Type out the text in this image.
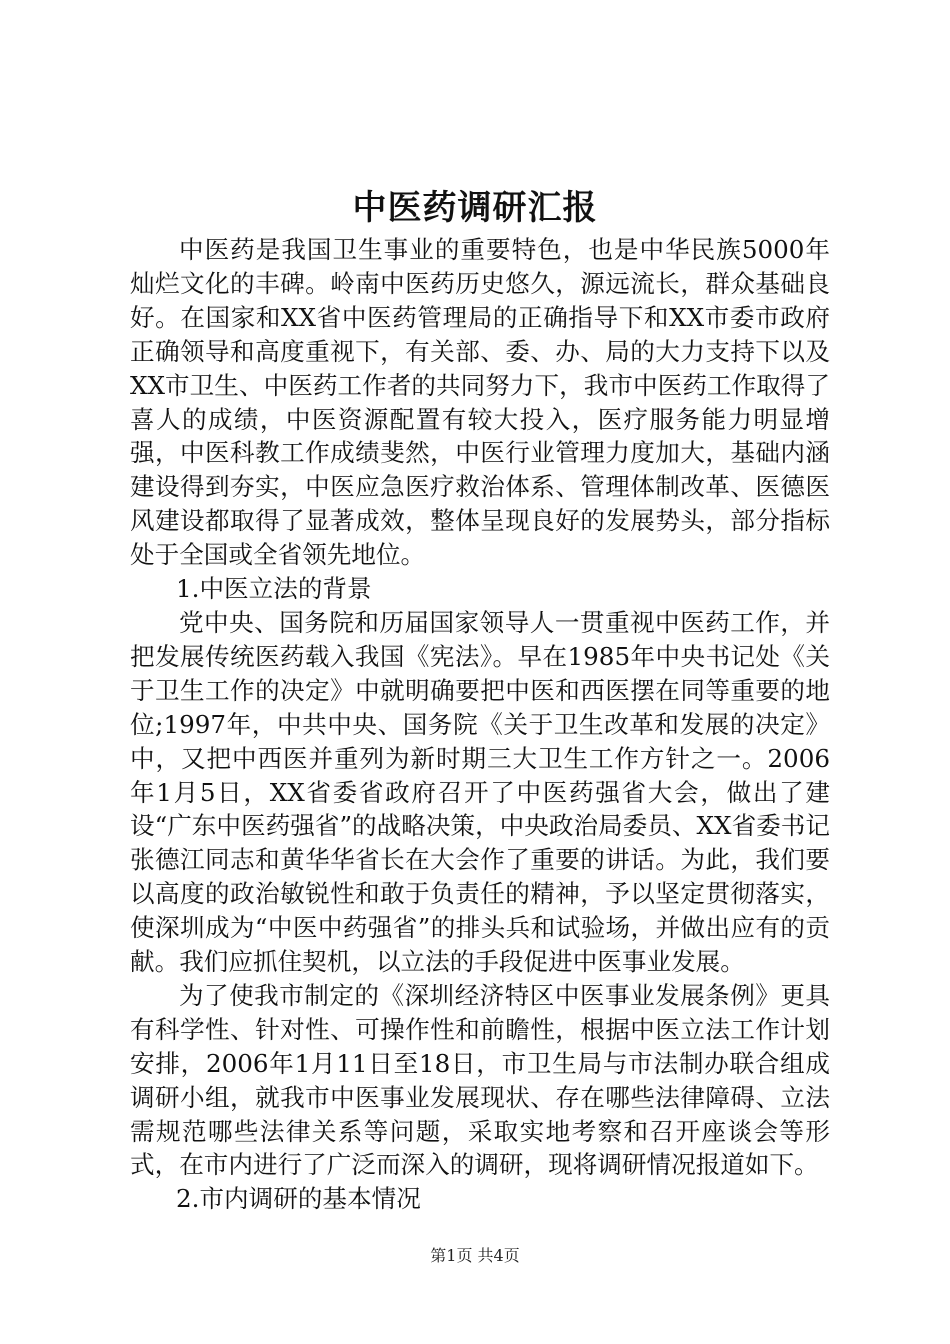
中医药调研汇报

中医药是我国卫生事业的重要特色，也是中华民族5000年灿烂文化的丰碑。岭南中医药历史悠久，源远流长，群众基础良好。在国家和XX省中医药管理局的正确指导下和XX市委市政府正确领导和高度重视下，有关部、委、办、局的大力支持下以及XX市卫生、中医药工作者的共同努力下，我市中医药工作取得了喜人的成绩，中医资源配置有较大投入，医疗服务能力明显增强，中医科教工作成绩斐然，中医行业管理力度加大，基础内涵建设得到夯实，中医应急医疗救治体系、管理体制改革、医德医风建设都取得了显著成效，整体呈现良好的发展势头，部分指标处于全国或全省领先地位。

1.中医立法的背景

党中央、国务院和历届国家领导人一贯重视中医药工作，并把发展传统医药载入我国《宪法》。早在1985年中央书记处《关于卫生工作的决定》中就明确要把中医和西医摆在同等重要的地位;1997年，中共中央、国务院《关于卫生改革和发展的决定》中，又把中西医并重列为新时期三大卫生工作方针之一。2006年1月5日，XX省委省政府召开了中医药强省大会，做出了建设“广东中医药强省”的战略决策，中央政治局委员、XX省委书记张德江同志和黄华华省长在大会作了重要的讲话。为此，我们要以高度的政治敏锐性和敢于负责任的精神，予以坚定贯彻落实，使深圳成为“中医中药强省”的排头兵和试验场，并做出应有的贡献。我们应抓住契机，以立法的手段促进中医事业发展。

为了使我市制定的《深圳经济特区中医事业发展条例》更具有科学性、针对性、可操作性和前瞻性，根据中医立法工作计划安排，2006年1月11日至18日，市卫生局与市法制办联合组成调研小组，就我市中医事业发展现状、存在哪些法律障碍、立法需规范哪些法律关系等问题，采取实地考察和召开座谈会等形式，在市内进行了广泛而深入的调研，现将调研情况报道如下。

2.市内调研的基本情况

第1页 共4页
